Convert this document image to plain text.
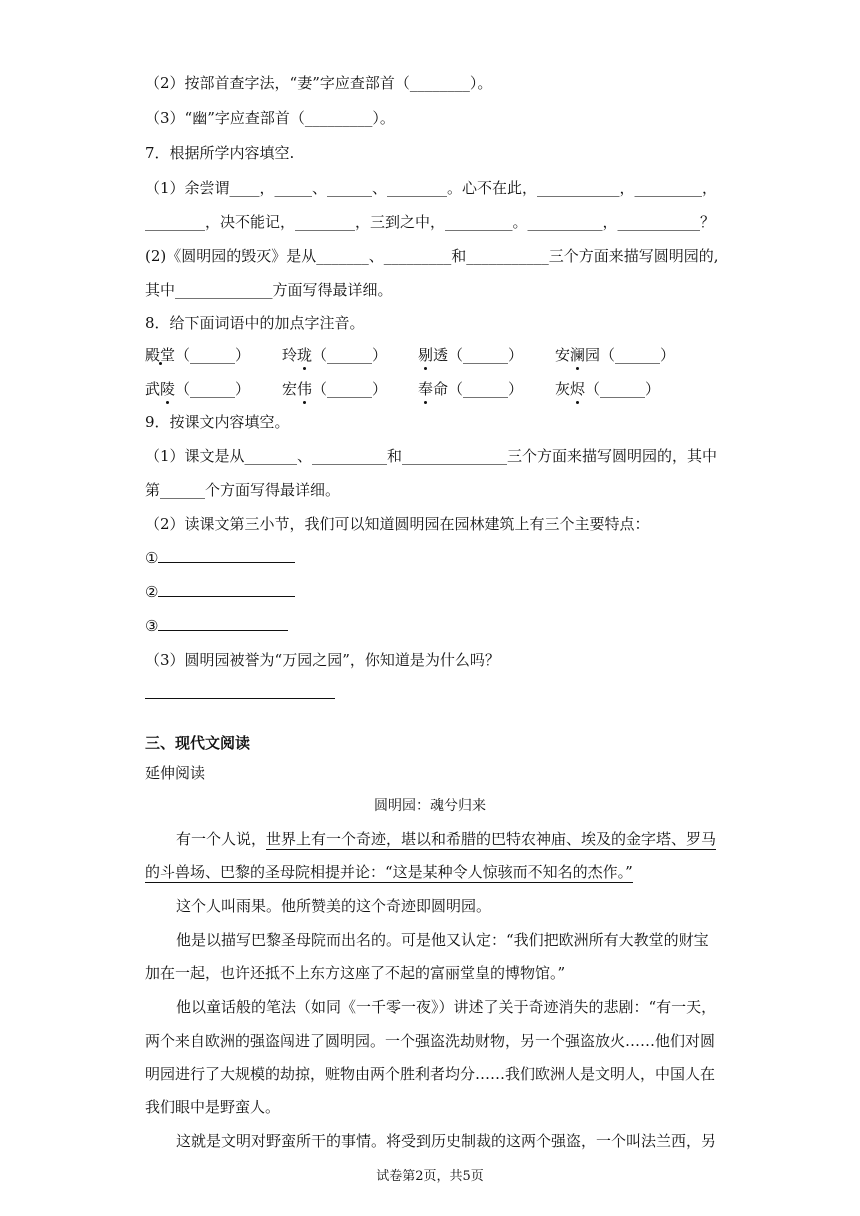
（2）按部首查字法，“妻”字应查部首（________）。
（3）“幽”字应查部首（_________）。
7．根据所学内容填空.
（1）余尝谓____，_____、______、________。心不在此，___________，_________，
________，决不能记，________，三到之中，_________。__________，___________？
(2)《圆明园的毁灭》是从_______、_________和___________三个方面来描写圆明园的,
其中_____________方面写得最详细。
8．给下面词语中的加点字注音。
殿堂（______） 玲珑（______） 剔透（______） 安澜园（______）
武陵（______） 宏伟（______） 奉命（______） 灰烬（______）
9．按课文内容填空。
（1）课文是从_______、__________和______________三个方面来描写圆明园的，其中
第______个方面写得最详细。
（2）读课文第三小节，我们可以知道圆明园在园林建筑上有三个主要特点：
①
②
③
（3）圆明园被誉为“万园之园”，你知道是为什么吗？
三、现代文阅读
延伸阅读
圆明园：魂兮归来
有一个人说，世界上有一个奇迹，堪以和希腊的巴特农神庙、埃及的金字塔、罗马
的斗兽场、巴黎的圣母院相提并论：“这是某种令人惊骇而不知名的杰作。”
这个人叫雨果。他所赞美的这个奇迹即圆明园。
他是以描写巴黎圣母院而出名的。可是他又认定：“我们把欧洲所有大教堂的财宝
加在一起，也许还抵不上东方这座了不起的富丽堂皇的博物馆。”
他以童话般的笔法（如同《一千零一夜》）讲述了关于奇迹消失的悲剧：“有一天，
两个来自欧洲的强盗闯进了圆明园。一个强盗洗劫财物，另一个强盗放火……他们对圆
明园进行了大规模的劫掠，赃物由两个胜利者均分……我们欧洲人是文明人，中国人在
我们眼中是野蛮人。
这就是文明对野蛮所干的事情。将受到历史制裁的这两个强盗，一个叫法兰西，另
试卷第2页，共5页
